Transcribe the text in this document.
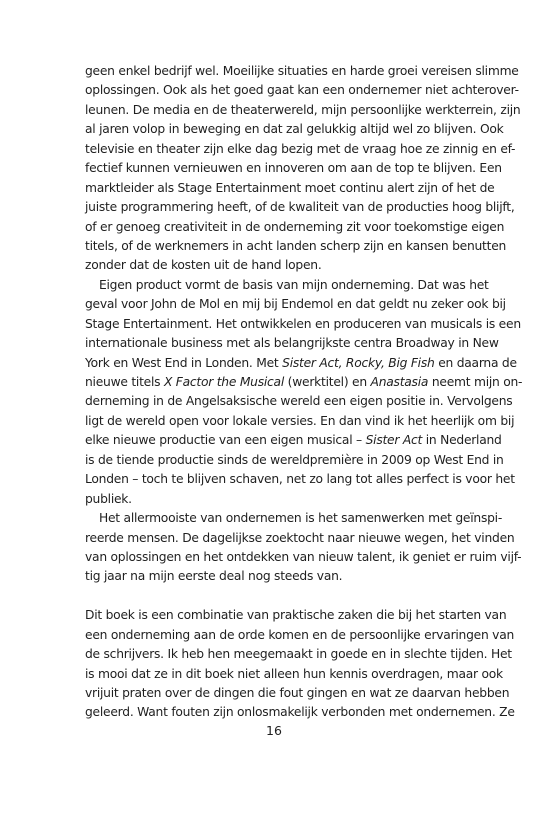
geen enkel bedrijf wel. Moeilijke situaties en harde groei vereisen slimme
oplossingen. Ook als het goed gaat kan een ondernemer niet achterover-
leunen. De media en de theaterwereld, mijn persoonlijke werkterrein, zijn
al jaren volop in beweging en dat zal gelukkig altijd wel zo blijven. Ook
televisie en theater zijn elke dag bezig met de vraag hoe ze zinnig en ef-
fectief kunnen vernieuwen en innoveren om aan de top te blijven. Een
marktleider als Stage Entertainment moet continu alert zijn of het de
juiste programmering heeft, of de kwaliteit van de producties hoog blijft,
of er genoeg creativiteit in de onderneming zit voor toekomstige eigen
titels, of de werknemers in acht landen scherp zijn en kansen benutten
zonder dat de kosten uit de hand lopen.
Eigen product vormt de basis van mijn onderneming. Dat was het
geval voor John de Mol en mij bij Endemol en dat geldt nu zeker ook bij
Stage Entertainment. Het ontwikkelen en produceren van musicals is een
internationale business met als belangrijkste centra Broadway in New
York en West End in Londen. Met Sister Act, Rocky, Big Fish en daarna de
nieuwe titels X Factor the Musical (werktitel) en Anastasia neemt mijn on-
derneming in de Angelsaksische wereld een eigen positie in. Vervolgens
ligt de wereld open voor lokale versies. En dan vind ik het heerlijk om bij
elke nieuwe productie van een eigen musical – Sister Act in Nederland
is de tiende productie sinds de wereldpremière in 2009 op West End in
Londen – toch te blijven schaven, net zo lang tot alles perfect is voor het
publiek.
Het allermooiste van ondernemen is het samenwerken met geïnspi-
reerde mensen. De dagelijkse zoektocht naar nieuwe wegen, het vinden
van oplossingen en het ontdekken van nieuw talent, ik geniet er ruim vijf-
tig jaar na mijn eerste deal nog steeds van.
Dit boek is een combinatie van praktische zaken die bij het starten van
een onderneming aan de orde komen en de persoonlijke ervaringen van
de schrijvers. Ik heb hen meegemaakt in goede en in slechte tijden. Het
is mooi dat ze in dit boek niet alleen hun kennis overdragen, maar ook
vrijuit praten over de dingen die fout gingen en wat ze daarvan hebben
geleerd. Want fouten zijn onlosmakelijk verbonden met ondernemen. Ze
16
